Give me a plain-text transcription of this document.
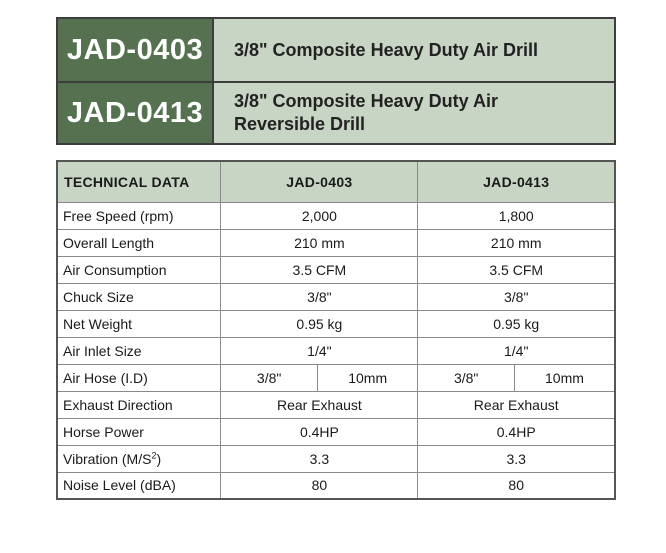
JAD-0403	3/8" Composite Heavy Duty Air Drill
JAD-0413	3/8" Composite Heavy Duty Air Reversible Drill
TECHNICAL DATA	JAD-0403		JAD-0413	
Free Speed (rpm)	2,000		1,800	
Overall Length	210 mm		210 mm	
Air Consumption	3.5 CFM		3.5 CFM	
Chuck Size	3/8"		3/8"	
Net Weight	0.95 kg		0.95 kg	
Air Inlet Size	1/4"		1/4"	
Air Hose (I.D)	3/8"	10mm	3/8"	10mm
Exhaust Direction	Rear Exhaust		Rear Exhaust	
Horse Power	0.4HP		0.4HP	
Vibration $(M/S^2)$	3.3		3.3	
Noise Level (dBA)	80		80	
